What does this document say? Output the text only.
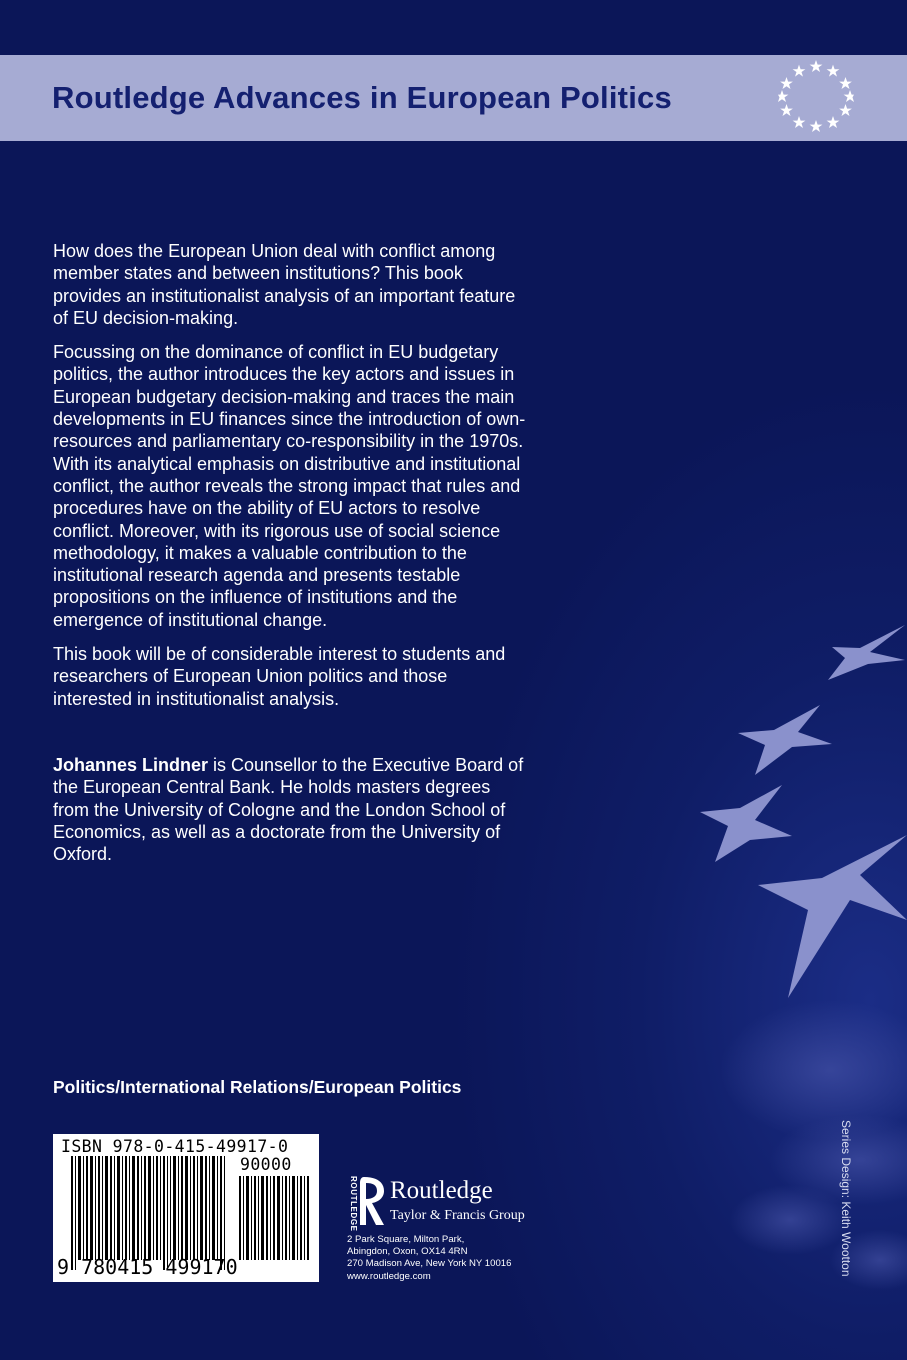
Routledge Advances in European Politics

How does the European Union deal with conflict among member states and between institutions? This book provides an institutionalist analysis of an important feature of EU decision-making.

Focussing on the dominance of conflict in EU budgetary politics, the author introduces the key actors and issues in European budgetary decision-making and traces the main developments in EU finances since the introduction of own-resources and parliamentary co-responsibility in the 1970s. With its analytical emphasis on distributive and institutional conflict, the author reveals the strong impact that rules and procedures have on the ability of EU actors to resolve conflict. Moreover, with its rigorous use of social science methodology, it makes a valuable contribution to the institutional research agenda and presents testable propositions on the influence of institutions and the emergence of institutional change.

This book will be of considerable interest to students and researchers of European Union politics and those interested in institutionalist analysis.

Johannes Lindner is Counsellor to the Executive Board of the European Central Bank. He holds masters degrees from the University of Cologne and the London School of Economics, as well as a doctorate from the University of Oxford.

Politics/International Relations/European Politics
ISBN 978-0-415-49917-0
90000
9 780415 499170
ROUTLEDGE Routledge
Taylor & Francis Group
2 Park Square, Milton Park,
Abingdon, Oxon, OX14 4RN
270 Madison Ave, New York NY 10016
www.routledge.com	Series Design: Keith Wootton
